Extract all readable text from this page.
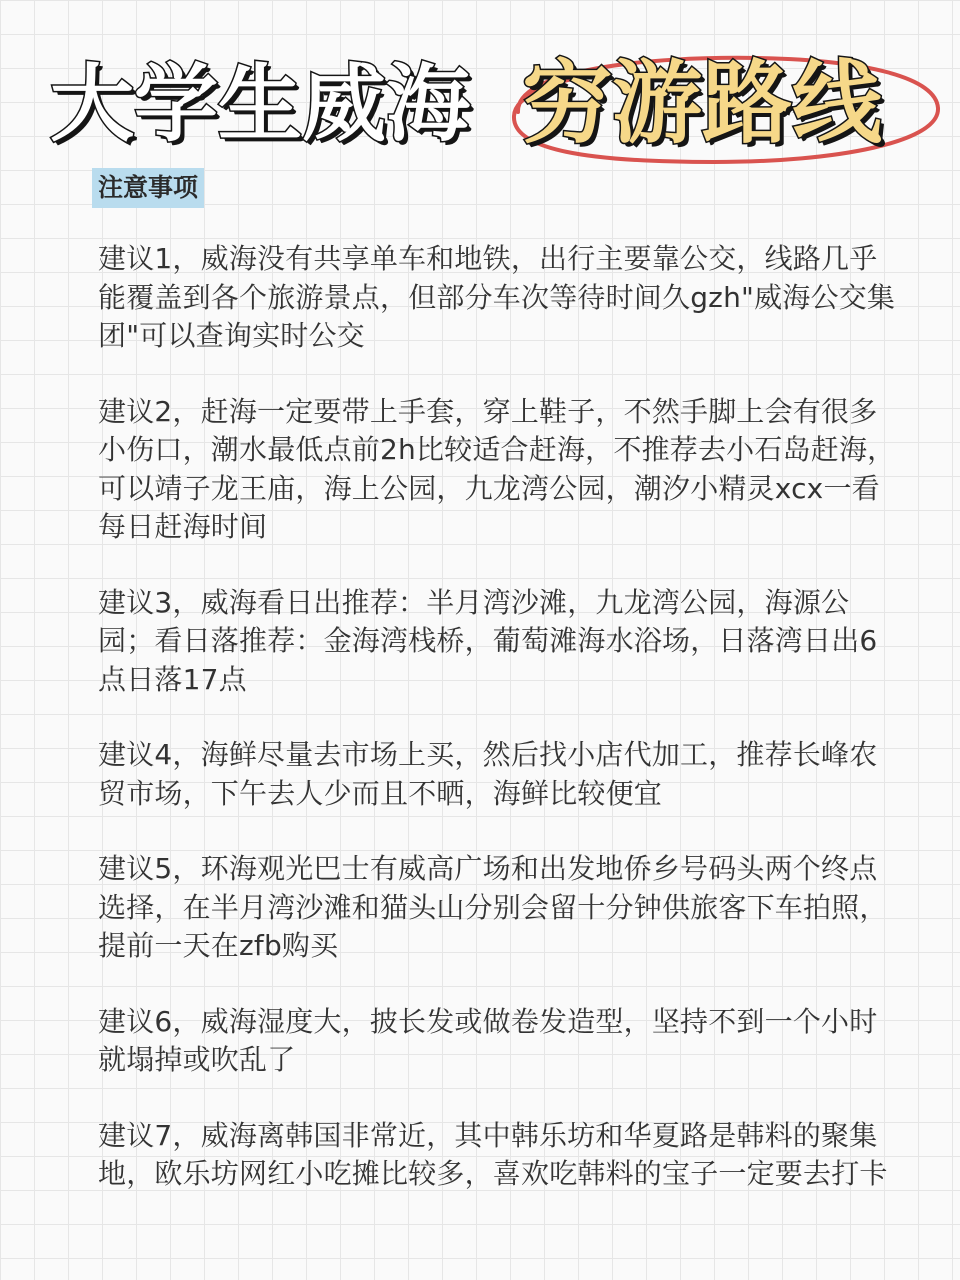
大学生威海 穷游路线
注意事项

建议1，威海没有共享单车和地铁，出行主要靠公交，线路几乎能覆盖到各个旅游景点，但部分车次等待时间久gzh"威海公交集团"可以查询实时公交

建议2，赶海一定要带上手套，穿上鞋子，不然手脚上会有很多小伤口，潮水最低点前2h比较适合赶海，不推荐去小石岛赶海，可以靖子龙王庙，海上公园，九龙湾公园，潮汐小精灵xcx一看每日赶海时间

建议3，威海看日出推荐：半月湾沙滩，九龙湾公园，海源公园；看日落推荐：金海湾栈桥，葡萄滩海水浴场，日落湾日出6点日落17点

建议4，海鲜尽量去市场上买，然后找小店代加工，推荐长峰农贸市场，下午去人少而且不晒，海鲜比较便宜

建议5，环海观光巴士有威高广场和出发地侨乡号码头两个终点选择，在半月湾沙滩和猫头山分别会留十分钟供旅客下车拍照，提前一天在zfb购买

建议6，威海湿度大，披长发或做卷发造型，坚持不到一个小时就塌掉或吹乱了

建议7，威海离韩国非常近，其中韩乐坊和华夏路是韩料的聚集地，欧乐坊网红小吃摊比较多，喜欢吃韩料的宝子一定要去打卡
